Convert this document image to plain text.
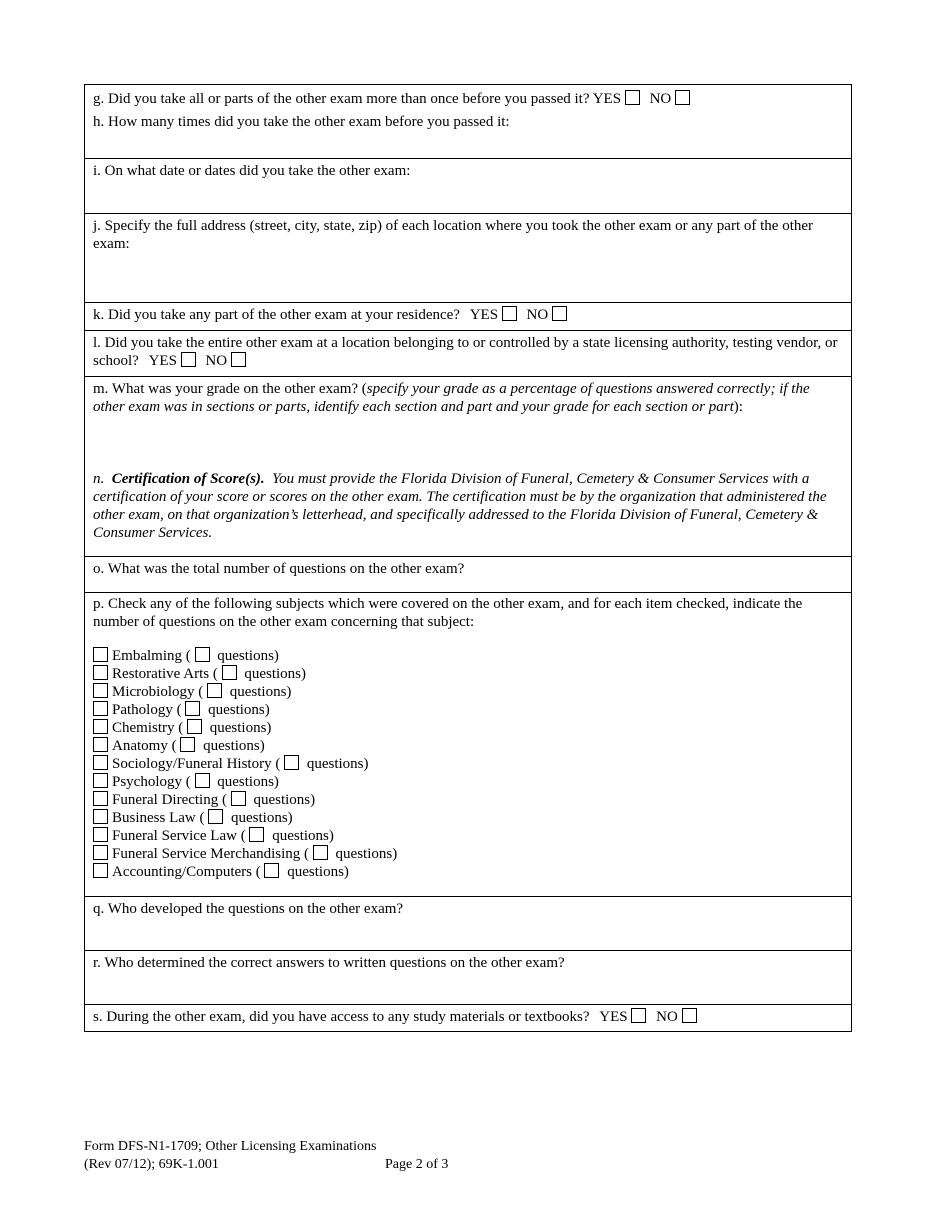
g. Did you take all or parts of the other exam more than once before you passed it? YES NO
h. How many times did you take the other exam before you passed it:
i. On what date or dates did you take the other exam:
j. Specify the full address (street, city, state, zip) of each location where you took the other exam or any part of the other exam:
k. Did you take any part of the other exam at your residence? YES NO
l. Did you take the entire other exam at a location belonging to or controlled by a state licensing authority, testing vendor, or school? YES NO
m. What was your grade on the other exam? (specify your grade as a percentage of questions answered correctly; if the other exam was in sections or parts, identify each section and part and your grade for each section or part):
n. Certification of Score(s). You must provide the Florida Division of Funeral, Cemetery & Consumer Services with a certification of your score or scores on the other exam. The certification must be by the organization that administered the other exam, on that organization’s letterhead, and specifically addressed to the Florida Division of Funeral, Cemetery & Consumer Services.
o. What was the total number of questions on the other exam?
p. Check any of the following subjects which were covered on the other exam, and for each item checked, indicate the number of questions on the other exam concerning that subject:
Embalming ( questions)
Restorative Arts ( questions)
Microbiology ( questions)
Pathology ( questions)
Chemistry ( questions)
Anatomy ( questions)
Sociology/Funeral History ( questions)
Psychology ( questions)
Funeral Directing ( questions)
Business Law ( questions)
Funeral Service Law ( questions)
Funeral Service Merchandising ( questions)
Accounting/Computers ( questions)
q. Who developed the questions on the other exam?
r. Who determined the correct answers to written questions on the other exam?
s. During the other exam, did you have access to any study materials or textbooks? YES NO
Form DFS-N1-1709; Other Licensing Examinations
(Rev 07/12); 69K-1.001	Page 2 of 3
